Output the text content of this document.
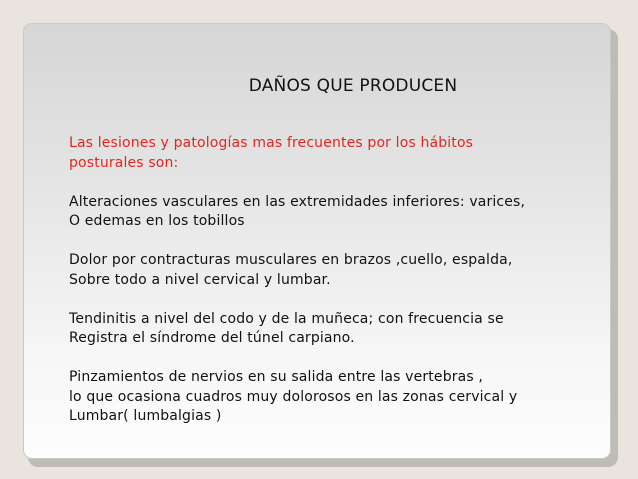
DAÑOS QUE PRODUCEN

Las lesiones y patologías mas frecuentes por los hábitos
posturales son:

Alteraciones vasculares en las extremidades inferiores: varices,
O edemas en los tobillos

Dolor por contracturas musculares en brazos ,cuello, espalda,
Sobre todo a nivel cervical y lumbar.

Tendinitis a nivel del codo y de la muñeca; con frecuencia se
Registra el síndrome del túnel carpiano.

Pinzamientos de nervios en su salida entre las vertebras ,
lo que ocasiona cuadros muy dolorosos en las zonas cervical y
Lumbar( lumbalgias )
